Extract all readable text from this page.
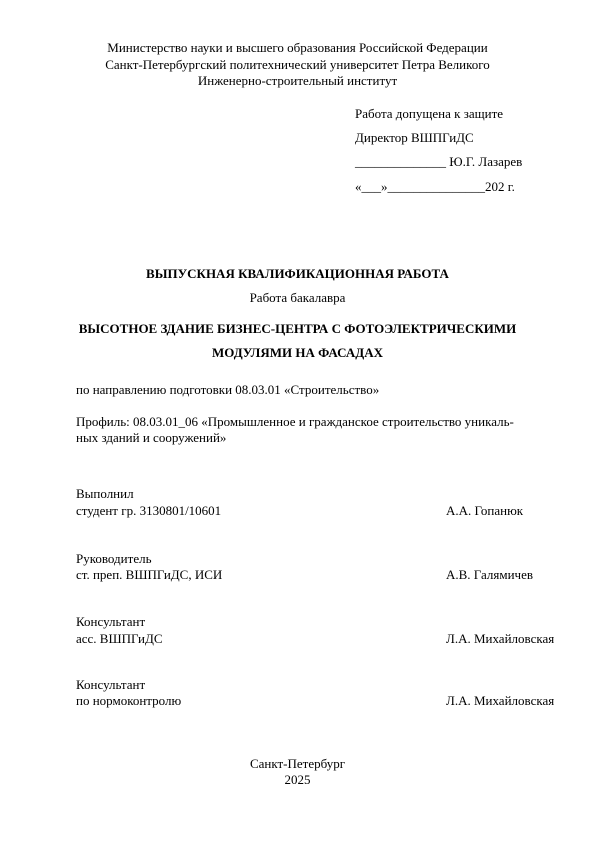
Министерство науки и высшего образования Российской Федерации
Санкт-Петербургский политехнический университет Петра Великого
Инженерно-строительный институт
Работа допущена к защите
Директор ВШПГиДС
______________ Ю.Г. Лазарев
«___»_______________202 г.
ВЫПУСКНАЯ КВАЛИФИКАЦИОННАЯ РАБОТА
Работа бакалавра
ВЫСОТНОЕ ЗДАНИЕ БИЗНЕС-ЦЕНТРА С ФОТОЭЛЕКТРИЧЕСКИМИ
МОДУЛЯМИ НА ФАСАДАХ
по направлению подготовки 08.03.01 «Строительство»
Профиль: 08.03.01_06 «Промышленное и гражданское строительство уникаль-
ных зданий и сооружений»
Выполнил
студент гр. 3130801/10601	А.А. Гопанюк
Руководитель
ст. преп. ВШПГиДС, ИСИ	А.В. Галямичев
Консультант
асс. ВШПГиДС	Л.А. Михайловская
Консультант
по нормоконтролю	Л.А. Михайловская
Санкт-Петербург
2025
